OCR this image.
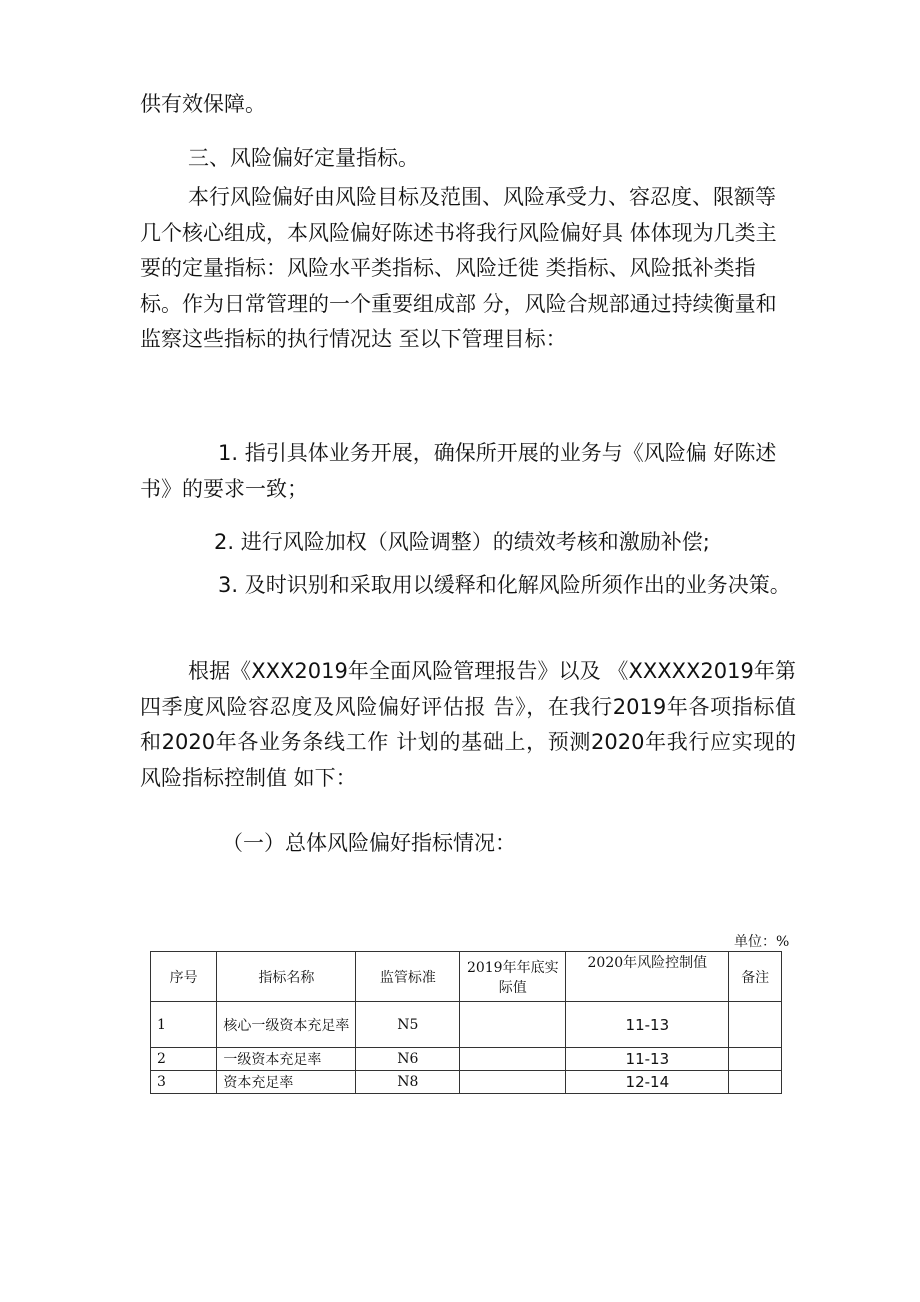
供有效保障。
三、风险偏好定量指标。
本行风险偏好由风险目标及范围、风险承受力、容忍度、限额等几个核心组成，本风险偏好陈述书将我行风险偏好具 体体现为几类主要的定量指标：风险水平类指标、风险迁徙 类指标、风险抵补类指标。作为日常管理的一个重要组成部 分，风险合规部通过持续衡量和监察这些指标的执行情况达 至以下管理目标：
1. 指引具体业务开展，确保所开展的业务与《风险偏 好陈述书》的要求一致；
2. 进行风险加权（风险调整）的绩效考核和激励补偿;
3. 及时识别和采取用以缓释和化解风险所须作出的业务决策。
根据《XXX2019年全面风险管理报告》以及 《XXXXX2019年第四季度风险容忍度及风险偏好评估报 告》，在我行2019年各项指标值和2020年各业务条线工作 计划的基础上，预测2020年我行应实现的风险指标控制值 如下：
（一）总体风险偏好指标情况：
单位：%
序号	指标名称	监管标准	2019年年底实际值	2020年风险控制值	备注
1	核心一级资本充足率	N5		11-13	
2	一级资本充足率	N6		11-13	
3	资本充足率	N8		12-14	
